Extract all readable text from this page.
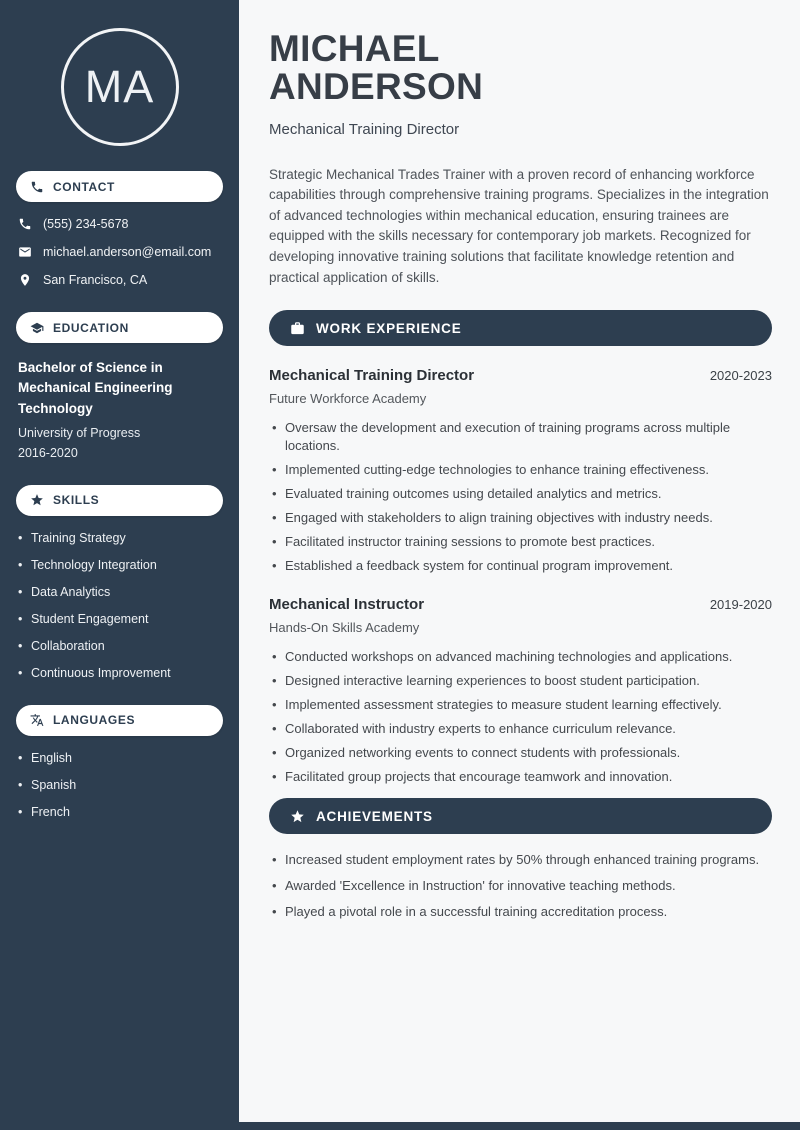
MA
CONTACT
(555) 234-5678
michael.anderson@email.com
San Francisco, CA
EDUCATION
Bachelor of Science in Mechanical Engineering Technology
University of Progress
2016-2020
SKILLS
• Training Strategy
• Technology Integration
• Data Analytics
• Student Engagement
• Collaboration
• Continuous Improvement
LANGUAGES
• English
• Spanish
• French
MICHAEL
ANDERSON
Mechanical Training Director

Strategic Mechanical Trades Trainer with a proven record of enhancing workforce capabilities through comprehensive training programs. Specializes in the integration of advanced technologies within mechanical education, ensuring trainees are equipped with the skills necessary for contemporary job markets. Recognized for developing innovative training solutions that facilitate knowledge retention and practical application of skills.

WORK EXPERIENCE
Mechanical Training Director	2020-2023
Future Workforce Academy
• Oversaw the development and execution of training programs across multiple locations.
• Implemented cutting-edge technologies to enhance training effectiveness.
• Evaluated training outcomes using detailed analytics and metrics.
• Engaged with stakeholders to align training objectives with industry needs.
• Facilitated instructor training sessions to promote best practices.
• Established a feedback system for continual program improvement.
Mechanical Instructor	2019-2020
Hands-On Skills Academy
• Conducted workshops on advanced machining technologies and applications.
• Designed interactive learning experiences to boost student participation.
• Implemented assessment strategies to measure student learning effectively.
• Collaborated with industry experts to enhance curriculum relevance.
• Organized networking events to connect students with professionals.
• Facilitated group projects that encourage teamwork and innovation.
ACHIEVEMENTS
• Increased student employment rates by 50% through enhanced training programs.
• Awarded 'Excellence in Instruction' for innovative teaching methods.
• Played a pivotal role in a successful training accreditation process.
